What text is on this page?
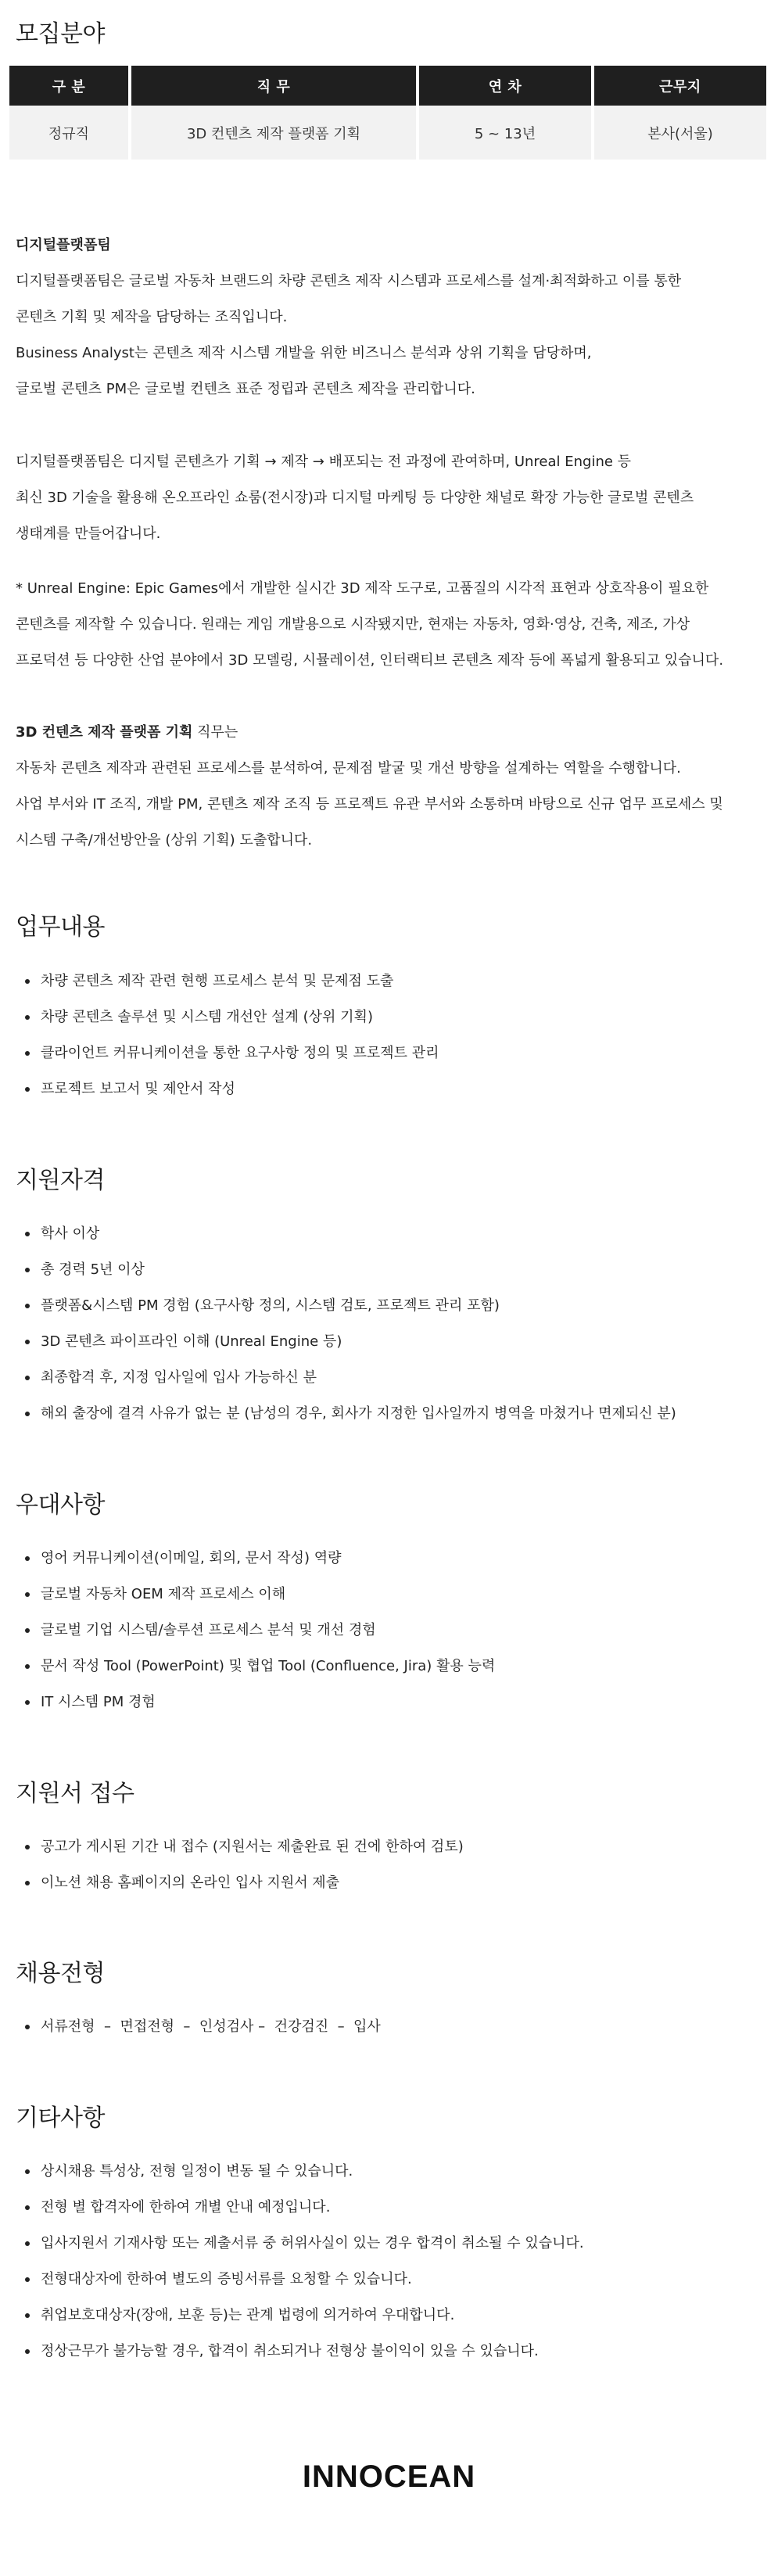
모집분야
구 분	직 무	연 차	근무지
정규직	3D 컨텐츠 제작 플랫폼 기획	5 ~ 13년	본사(서울)

디지털플랫폼팀

디지털플랫폼팀은 글로벌 자동차 브랜드의 차량 콘텐츠 제작 시스템과 프로세스를 설계·최적화하고 이를 통한

콘텐츠 기획 및 제작을 담당하는 조직입니다.

Business Analyst는 콘텐츠 제작 시스템 개발을 위한 비즈니스 분석과 상위 기획을 담당하며,

글로벌 콘텐츠 PM은 글로벌 컨텐츠 표준 정립과 콘텐츠 제작을 관리합니다.

디지털플랫폼팀은 디지털 콘텐츠가 기획 → 제작 → 배포되는 전 과정에 관여하며, Unreal Engine 등

최신 3D 기술을 활용해 온오프라인 쇼룸(전시장)과 디지털 마케팅 등 다양한 채널로 확장 가능한 글로벌 콘텐츠

생태계를 만들어갑니다.

* Unreal Engine: Epic Games에서 개발한 실시간 3D 제작 도구로, 고품질의 시각적 표현과 상호작용이 필요한

콘텐츠를 제작할 수 있습니다. 원래는 게임 개발용으로 시작됐지만, 현재는 자동차, 영화·영상, 건축, 제조, 가상

프로덕션 등 다양한 산업 분야에서 3D 모델링, 시뮬레이션, 인터랙티브 콘텐츠 제작 등에 폭넓게 활용되고 있습니다.

3D 컨텐츠 제작 플랫폼 기획 직무는

자동차 콘텐츠 제작과 관련된 프로세스를 분석하여, 문제점 발굴 및 개선 방향을 설계하는 역할을 수행합니다.

사업 부서와 IT 조직, 개발 PM, 콘텐츠 제작 조직 등 프로젝트 유관 부서와 소통하며 바탕으로 신규 업무 프로세스 및

시스템 구축/개선방안을 (상위 기획) 도출합니다.

업무내용
차량 콘텐츠 제작 관련 현행 프로세스 분석 및 문제점 도출
차량 콘텐츠 솔루션 및 시스템 개선안 설계 (상위 기획)
클라이언트 커뮤니케이션을 통한 요구사항 정의 및 프로젝트 관리
프로젝트 보고서 및 제안서 작성
지원자격
학사 이상
총 경력 5년 이상
플랫폼&시스템 PM 경험 (요구사항 정의, 시스템 검토, 프로젝트 관리 포함)
3D 콘텐츠 파이프라인 이해 (Unreal Engine 등)
최종합격 후, 지정 입사일에 입사 가능하신 분
해외 출장에 결격 사유가 없는 분 (남성의 경우, 회사가 지정한 입사일까지 병역을 마쳤거나 면제되신 분)
우대사항
영어 커뮤니케이션(이메일, 회의, 문서 작성) 역량
글로벌 자동차 OEM 제작 프로세스 이해
글로벌 기업 시스템/솔루션 프로세스 분석 및 개선 경험
문서 작성 Tool (PowerPoint) 및 협업 Tool (Confluence, Jira) 활용 능력
IT 시스템 PM 경험
지원서 접수
공고가 게시된 기간 내 접수 (지원서는 제출완료 된 건에 한하여 검토)
이노션 채용 홈페이지의 온라인 입사 지원서 제출
채용전형
서류전형  –  면접전형  –  인성검사 –  건강검진  –  입사
기타사항
상시채용 특성상, 전형 일정이 변동 될 수 있습니다.
전형 별 합격자에 한하여 개별 안내 예정입니다.
입사지원서 기재사항 또는 제출서류 중 허위사실이 있는 경우 합격이 취소될 수 있습니다.
전형대상자에 한하여 별도의 증빙서류를 요청할 수 있습니다.
취업보호대상자(장애, 보훈 등)는 관계 법령에 의거하여 우대합니다.
정상근무가 불가능할 경우, 합격이 취소되거나 전형상 불이익이 있을 수 있습니다.
INNOCEAN
